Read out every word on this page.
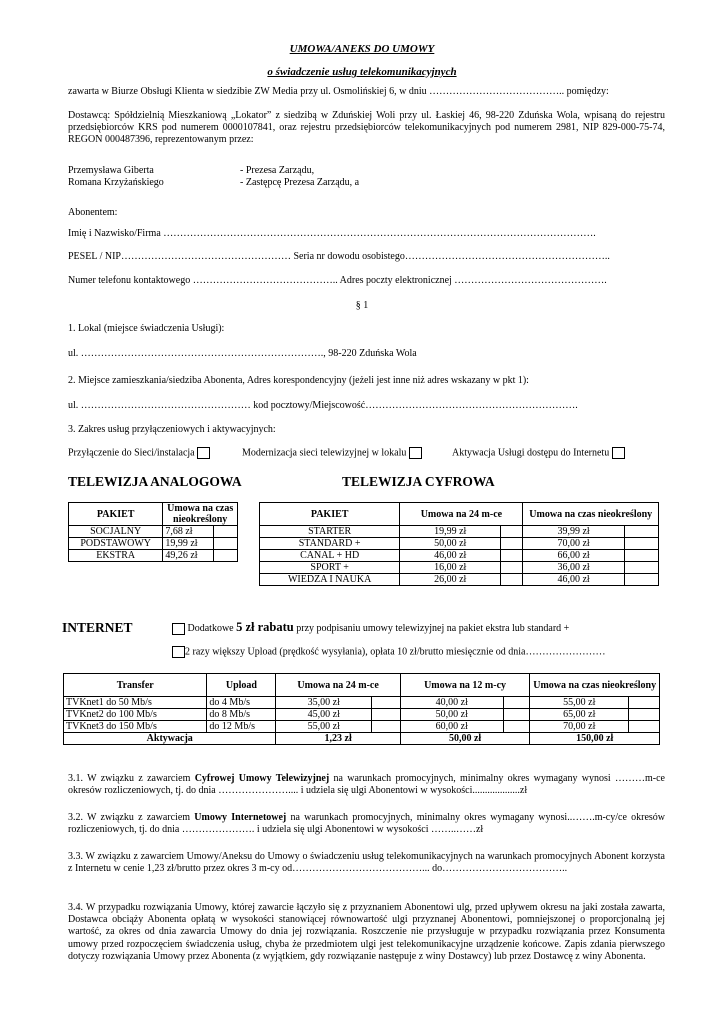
UMOWA/ANEKS DO UMOWY
o świadczenie usług telekomunikacyjnych
zawarta w Biurze Obsługi Klienta w siedzibie ZW Media przy ul. Osmolińskiej 6, w dniu ………………………………….. pomiędzy:
Dostawcą: Spółdzielnią Mieszkaniową „Lokator” z siedzibą w Zduńskiej Woli przy ul. Łaskiej 46, 98-220 Zduńska Wola, wpisaną do rejestru przedsiębiorców KRS pod numerem 0000107841, oraz rejestru przedsiębiorców telekomunikacyjnych pod numerem 2981, NIP 829-000-75-74, REGON 000487396, reprezentowanym przez:
Przemysława Giberta	- Prezesa Zarządu,
Romana Krzyżańskiego	- Zastępcę Prezesa Zarządu, a
Abonentem:
Imię i Nazwisko/Firma ………………………………………………………………………………………………………………….
PESEL / NIP…………………………………………… Seria nr dowodu osobistego……………………………………………………..
Numer telefonu kontaktowego …………………………………….. Adres poczty elektronicznej ……………………………………….
§ 1
1. Lokal (miejsce świadczenia Usługi):
ul. ………………………………………………………………., 98-220 Zduńska Wola
2. Miejsce zamieszkania/siedziba Abonenta, Adres korespondencyjny (jeżeli jest inne niż adres wskazany w pkt 1):
ul. …………………………………………… kod pocztowy/Miejscowość……………………………………………………….
3. Zakres usług przyłączeniowych i aktywacyjnych:
Przyłączenie do Sieci/instalacja	Modernizacja sieci telewizyjnej w lokalu	Aktywacja Usługi dostępu do Internetu
TELEWIZJA ANALOGOWA
PAKIET	Umowa na czas nieokreślony	
SOCJALNY	7,68 zł	
PODSTAWOWY	19,99 zł	
EKSTRA	49,26 zł	
TELEWIZJA CYFROWA
PAKIET	Umowa na 24 m-ce		Umowa na czas nieokreślony	
STARTER	19,99 zł		39,99 zł	
STANDARD +	50,00 zł		70,00 zł	
CANAL + HD	46,00 zł		66,00 zł	
SPORT +	16,00 zł		36,00 zł	
WIEDZA I NAUKA	26,00 zł		46,00 zł	
INTERNET	Dodatkowe 5 zł rabatu przy podpisaniu umowy telewizyjnej na pakiet ekstra lub standard +
2 razy większy Upload (prędkość wysyłania), opłata 10 zł/brutto miesięcznie od dnia……………………
Transfer	Upload	Umowa na 24 m-ce		Umowa na 12 m-cy		Umowa na czas nieokreślony	
TVKnet1 do 50 Mb/s	do 4 Mb/s	35,00 zł		40,00 zł		55,00 zł	
TVKnet2 do 100 Mb/s	do 8 Mb/s	45,00 zł		50,00 zł		65,00 zł	
TVKnet3 do 150 Mb/s	do 12 Mb/s	55,00 zł		60,00 zł		70,00 zł	
Aktywacja		1,23 zł		50,00 zł		150,00 zł	
3.1. W związku z zawarciem Cyfrowej Umowy Telewizyjnej na warunkach promocyjnych, minimalny okres wymagany wynosi ………m-ce okresów rozliczeniowych, tj. do dnia ………………….... i udziela się ulgi Abonentowi w wysokości...................zł
3.2. W związku z zawarciem Umowy Internetowej na warunkach promocyjnych, minimalny okres wymagany wynosi..…….m-cy/ce okresów rozliczeniowych, tj. do dnia …………………. i udziela się ulgi Abonentowi w wysokości ……..……zł
3.3. W związku z zawarciem Umowy/Aneksu do Umowy o świadczeniu usług telekomunikacyjnych na warunkach promocyjnych Abonent korzysta z Internetu w cenie 1,23 zł/brutto przez okres 3 m-cy od…………………………………... do………………………………..
3.4. W przypadku rozwiązania Umowy, której zawarcie łączyło się z przyznaniem Abonentowi ulg, przed upływem okresu na jaki została zawarta, Dostawca obciąży Abonenta opłatą w wysokości stanowiącej równowartość ulgi przyznanej Abonentowi, pomniejszonej o proporcjonalną jej wartość, za okres od dnia zawarcia Umowy do dnia jej rozwiązania. Roszczenie nie przysługuje w przypadku rozwiązania przez Konsumenta umowy przed rozpoczęciem świadczenia usług, chyba że przedmiotem ulgi jest telekomunikacyjne urządzenie końcowe. Zapis zdania pierwszego dotyczy rozwiązania Umowy przez Abonenta (z wyjątkiem, gdy rozwiązanie następuje z winy Dostawcy) lub przez Dostawcę z winy Abonenta.
